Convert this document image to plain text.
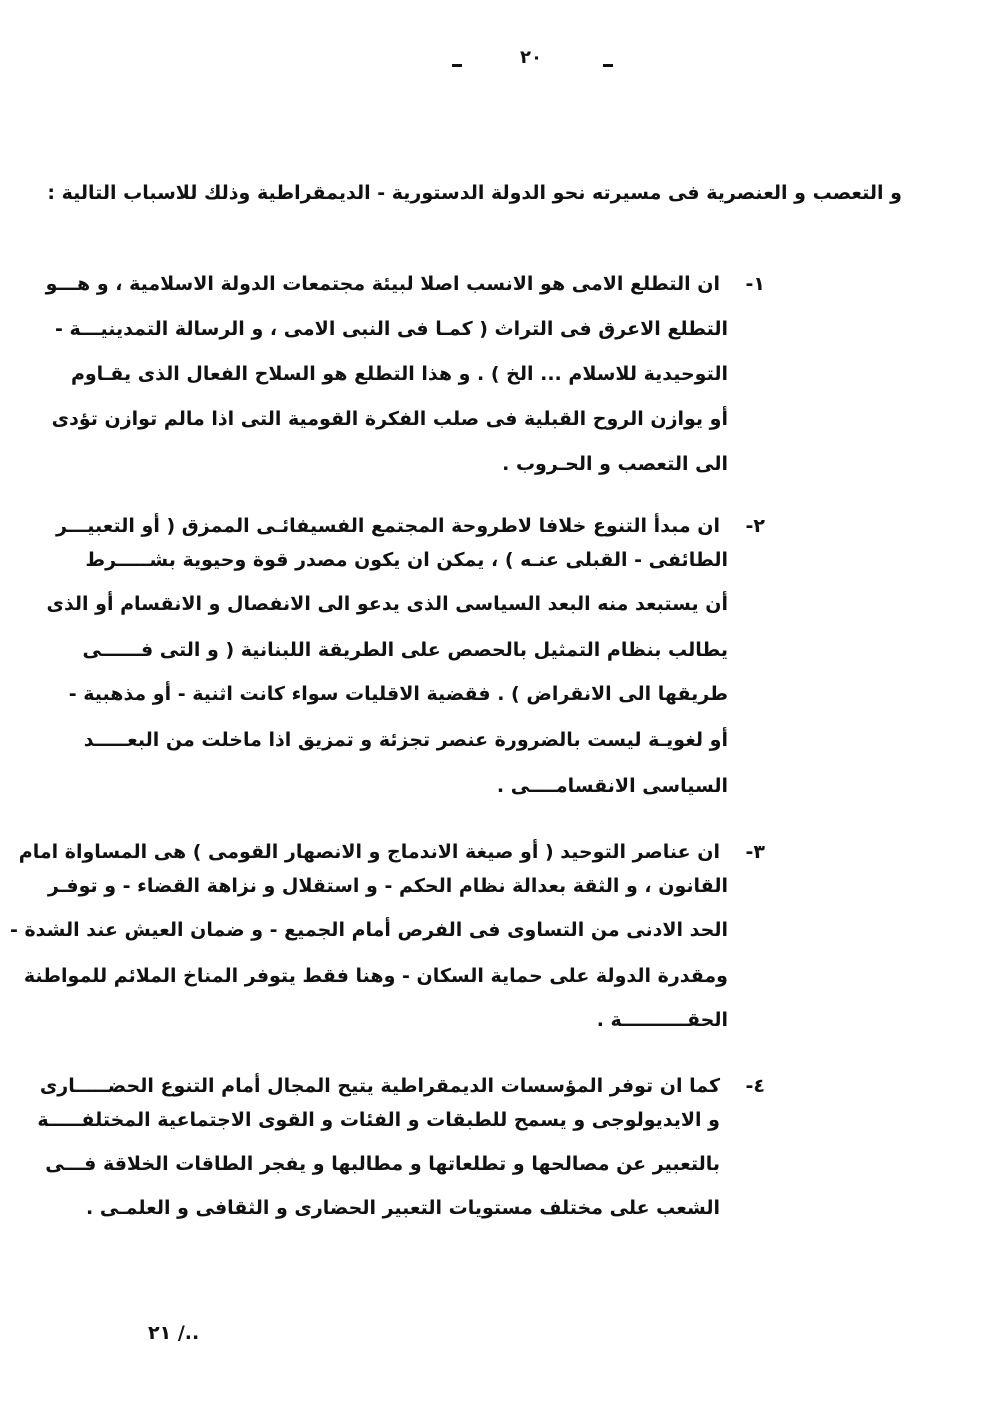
٢٠
و التعصب و العنصرية فى مسيرته نحو الدولة الدستورية - الديمقراطية وذلك للاسباب التالية :
١-
ان التطلع الامى هو الانسب اصلا لبيئة مجتمعات الدولة الاسلامية ، و هـــو
التطلع الاعرق فى التراث ( كمـا فى النبى الامى ، و الرسالة التمدينيـــة -
التوحيدية للاسلام ... الخ ) . و هذا التطلع هو السلاح الفعال الذى يقـاوم
أو يوازن الروح القبلية فى صلب الفكرة القومية التى اذا مالم توازن تؤدى
الى التعصب و الحـروب .
٢-
ان مبدأ التنوع خلافا لاطروحة المجتمع الفسيفائـى الممزق ( أو التعبيـــر
الطائفى - القبلى عنـه ) ، يمكن ان يكون مصدر قوة وحيوية بشـــــرط
أن يستبعد منه البعد السياسى الذى يدعو الى الانفصال و الانقسام أو الذى
يطالب بنظام التمثيل بالحصص على الطريقة اللبنانية ( و التى فــــــى
طريقها الى الانقراض ) . فقضية الاقليات سواء كانت اثنية - أو مذهبية -
أو لغويـة ليست بالضرورة عنصر تجزئة و تمزيق اذا ماخلت من البعـــــد
السياسى الانقسامــــى .
٣-
ان عناصر التوحيد ( أو صيغة الاندماج و الانصهار القومى ) هى المساواة امام
القانون ، و الثقة بعدالة نظام الحكم - و استقلال و نزاهة القضاء - و توفـر
الحد الادنى من التساوى فى الفرص أمام الجميع - و ضمان العيش عند الشدة -
ومقدرة الدولة على حماية السكان - وهنا فقط يتوفر المناخ الملائم للمواطنة
الحقــــــــــة .
٤-
كما ان توفر المؤسسات الديمقراطية يتيح المجال أمام التنوع الحضـــــارى
و الايديولوجى و يسمح للطبقات و الفئات و القوى الاجتماعية المختلفـــــة
بالتعبير عن مصالحها و تطلعاتها و مطالبها و يفجر الطاقات الخلاقة فـــى
الشعب على مختلف مستويات التعبير الحضارى و الثقافى و العلمـى .
٢١ /..
